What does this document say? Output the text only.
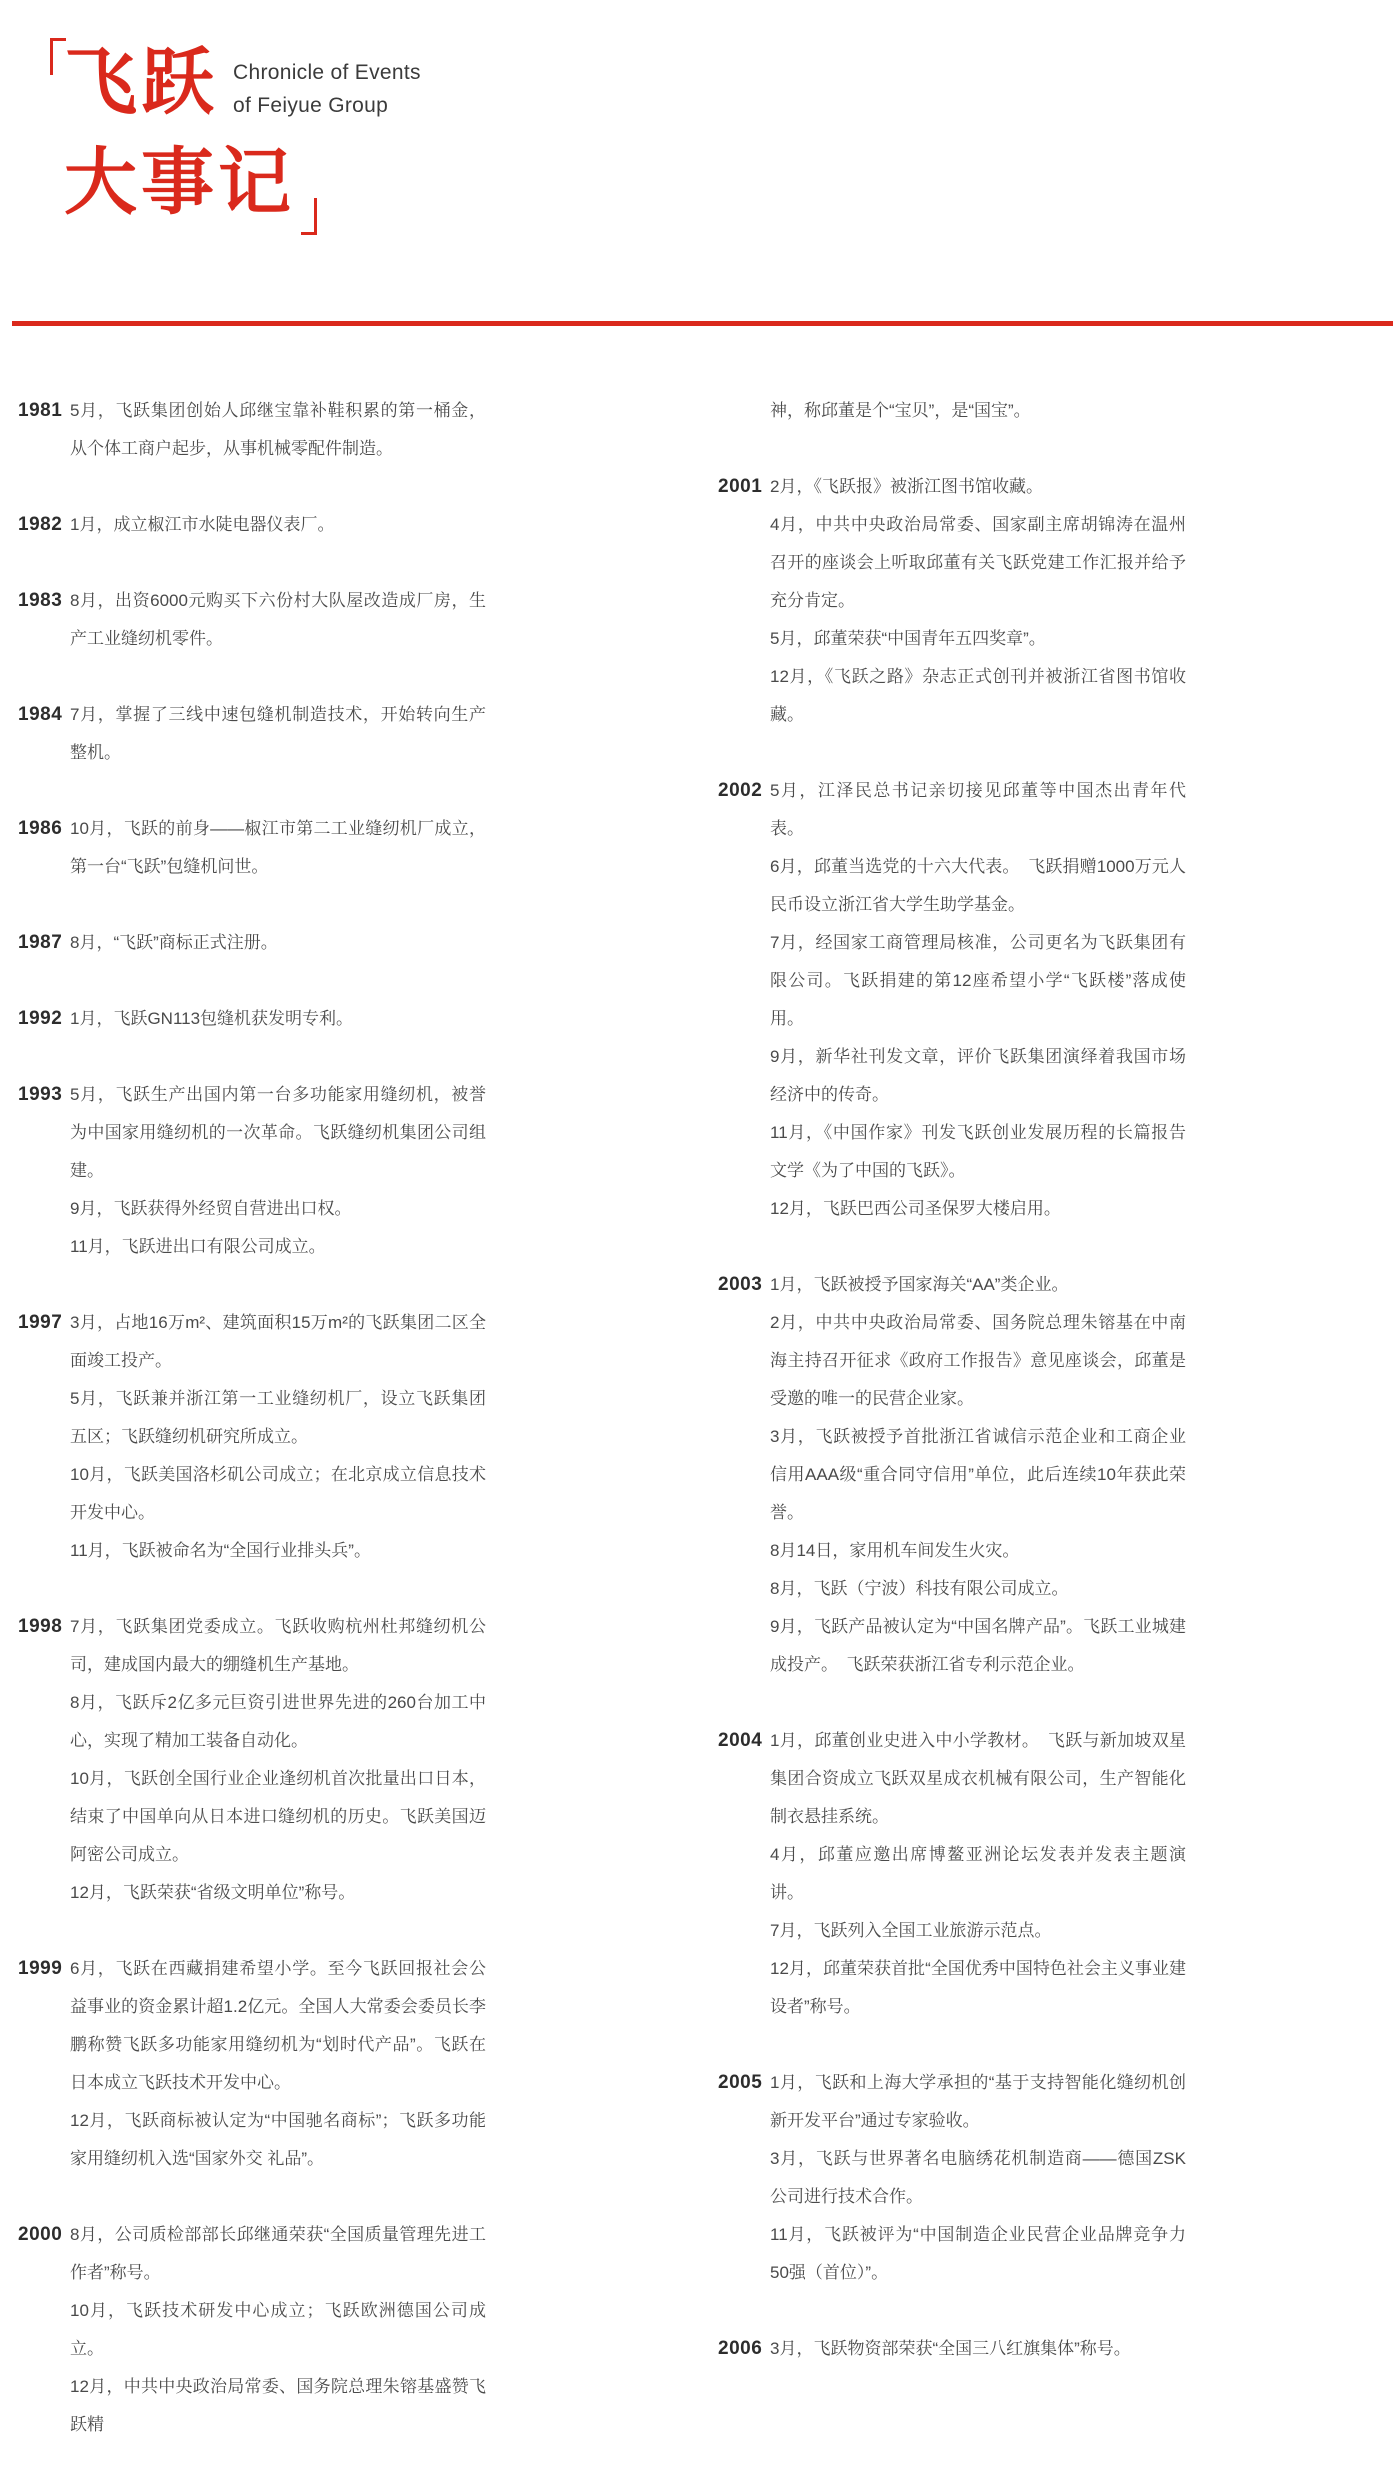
飞跃 Chronicle of Events
of Feiyue Group
大事记
1981 5月，飞跃集团创始人邱继宝靠补鞋积累的第一桶金，从个体工商户起步，从事机械零配件制造。

1982 1月，成立椒江市水陡电器仪表厂。

1983 8月，出资6000元购买下六份村大队屋改造成厂房，生产工业缝纫机零件。

1984 7月，掌握了三线中速包缝机制造技术，开始转向生产整机。

1986 10月，飞跃的前身——椒江市第二工业缝纫机厂成立，第一台“飞跃”包缝机问世。

1987 8月，“飞跃”商标正式注册。

1992 1月，飞跃GN113包缝机获发明专利。

1993 5月，飞跃生产出国内第一台多功能家用缝纫机，被誉为中国家用缝纫机的一次革命。飞跃缝纫机集团公司组建。

9月，飞跃获得外经贸自营进出口权。

11月，飞跃进出口有限公司成立。

1997 3月，占地16万m²、建筑面积15万m²的飞跃集团二区全面竣工投产。

5月，飞跃兼并浙江第一工业缝纫机厂，设立飞跃集团五区；飞跃缝纫机研究所成立。

10月，飞跃美国洛杉矶公司成立；在北京成立信息技术开发中心。

11月，飞跃被命名为“全国行业排头兵”。

1998 7月，飞跃集团党委成立。飞跃收购杭州杜邦缝纫机公司，建成国内最大的绷缝机生产基地。

8月，飞跃斥2亿多元巨资引进世界先进的260台加工中心，实现了精加工装备自动化。

10月，飞跃创全国行业企业逢纫机首次批量出口日本，结束了中国单向从日本进口缝纫机的历史。飞跃美国迈阿密公司成立。

12月，飞跃荣获“省级文明单位”称号。

1999 6月，飞跃在西藏捐建希望小学。至今飞跃回报社会公益事业的资金累计超1.2亿元。全国人大常委会委员长李鹏称赞飞跃多功能家用缝纫机为“划时代产品”。飞跃在日本成立飞跃技术开发中心。

12月，飞跃商标被认定为“中国驰名商标”；飞跃多功能家用缝纫机入选“国家外交 礼品”。

2000 8月，公司质检部部长邱继通荣获“全国质量管理先进工作者”称号。

10月，飞跃技术研发中心成立；飞跃欧洲德国公司成立。

12月，中共中央政治局常委、国务院总理朱镕基盛赞飞跃精

神，称邱董是个“宝贝”，是“国宝”。

2001 2月，《飞跃报》被浙江图书馆收藏。

4月，中共中央政治局常委、国家副主席胡锦涛在温州召开的座谈会上听取邱董有关飞跃党建工作汇报并给予充分肯定。

5月，邱董荣获“中国青年五四奖章”。

12月，《飞跃之路》杂志正式创刊并被浙江省图书馆收藏。

2002 5月，江泽民总书记亲切接见邱董等中国杰出青年代表。

6月，邱董当选党的十六大代表。　飞跃捐赠1000万元人民币设立浙江省大学生助学基金。

7月，经国家工商管理局核准，公司更名为飞跃集团有限公司。飞跃捐建的第12座希望小学“飞跃楼”落成使用。

9月，新华社刊发文章，评价飞跃集团演绎着我国市场经济中的传奇。

11月，《中国作家》刊发飞跃创业发展历程的长篇报告文学《为了中国的飞跃》。

12月，飞跃巴西公司圣保罗大楼启用。

2003 1月，飞跃被授予国家海关“AA”类企业。

2月，中共中央政治局常委、国务院总理朱镕基在中南海主持召开征求《政府工作报告》意见座谈会，邱董是受邀的唯一的民营企业家。

3月，飞跃被授予首批浙江省诚信示范企业和工商企业信用AAA级“重合同守信用”单位，此后连续10年获此荣誉。

8月14日，家用机车间发生火灾。

8月，飞跃（宁波）科技有限公司成立。

9月，飞跃产品被认定为“中国名牌产品”。飞跃工业城建成投产。　飞跃荣获浙江省专利示范企业。

2004 1月，邱董创业史进入中小学教材。　飞跃与新加坡双星集团合资成立飞跃双星成衣机械有限公司，生产智能化制衣悬挂系统。

4月，邱董应邀出席博鳌亚洲论坛发表并发表主题演讲。

7月，飞跃列入全国工业旅游示范点。

12月，邱董荣获首批“全国优秀中国特色社会主义事业建设者”称号。

2005 1月，飞跃和上海大学承担的“基于支持智能化缝纫机创新开发平台”通过专家验收。

3月，飞跃与世界著名电脑绣花机制造商——德国ZSK公司进行技术合作。

11月，飞跃被评为“中国制造企业民营企业品牌竞争力50强（首位）”。

2006 3月，飞跃物资部荣获“全国三八红旗集体”称号。
